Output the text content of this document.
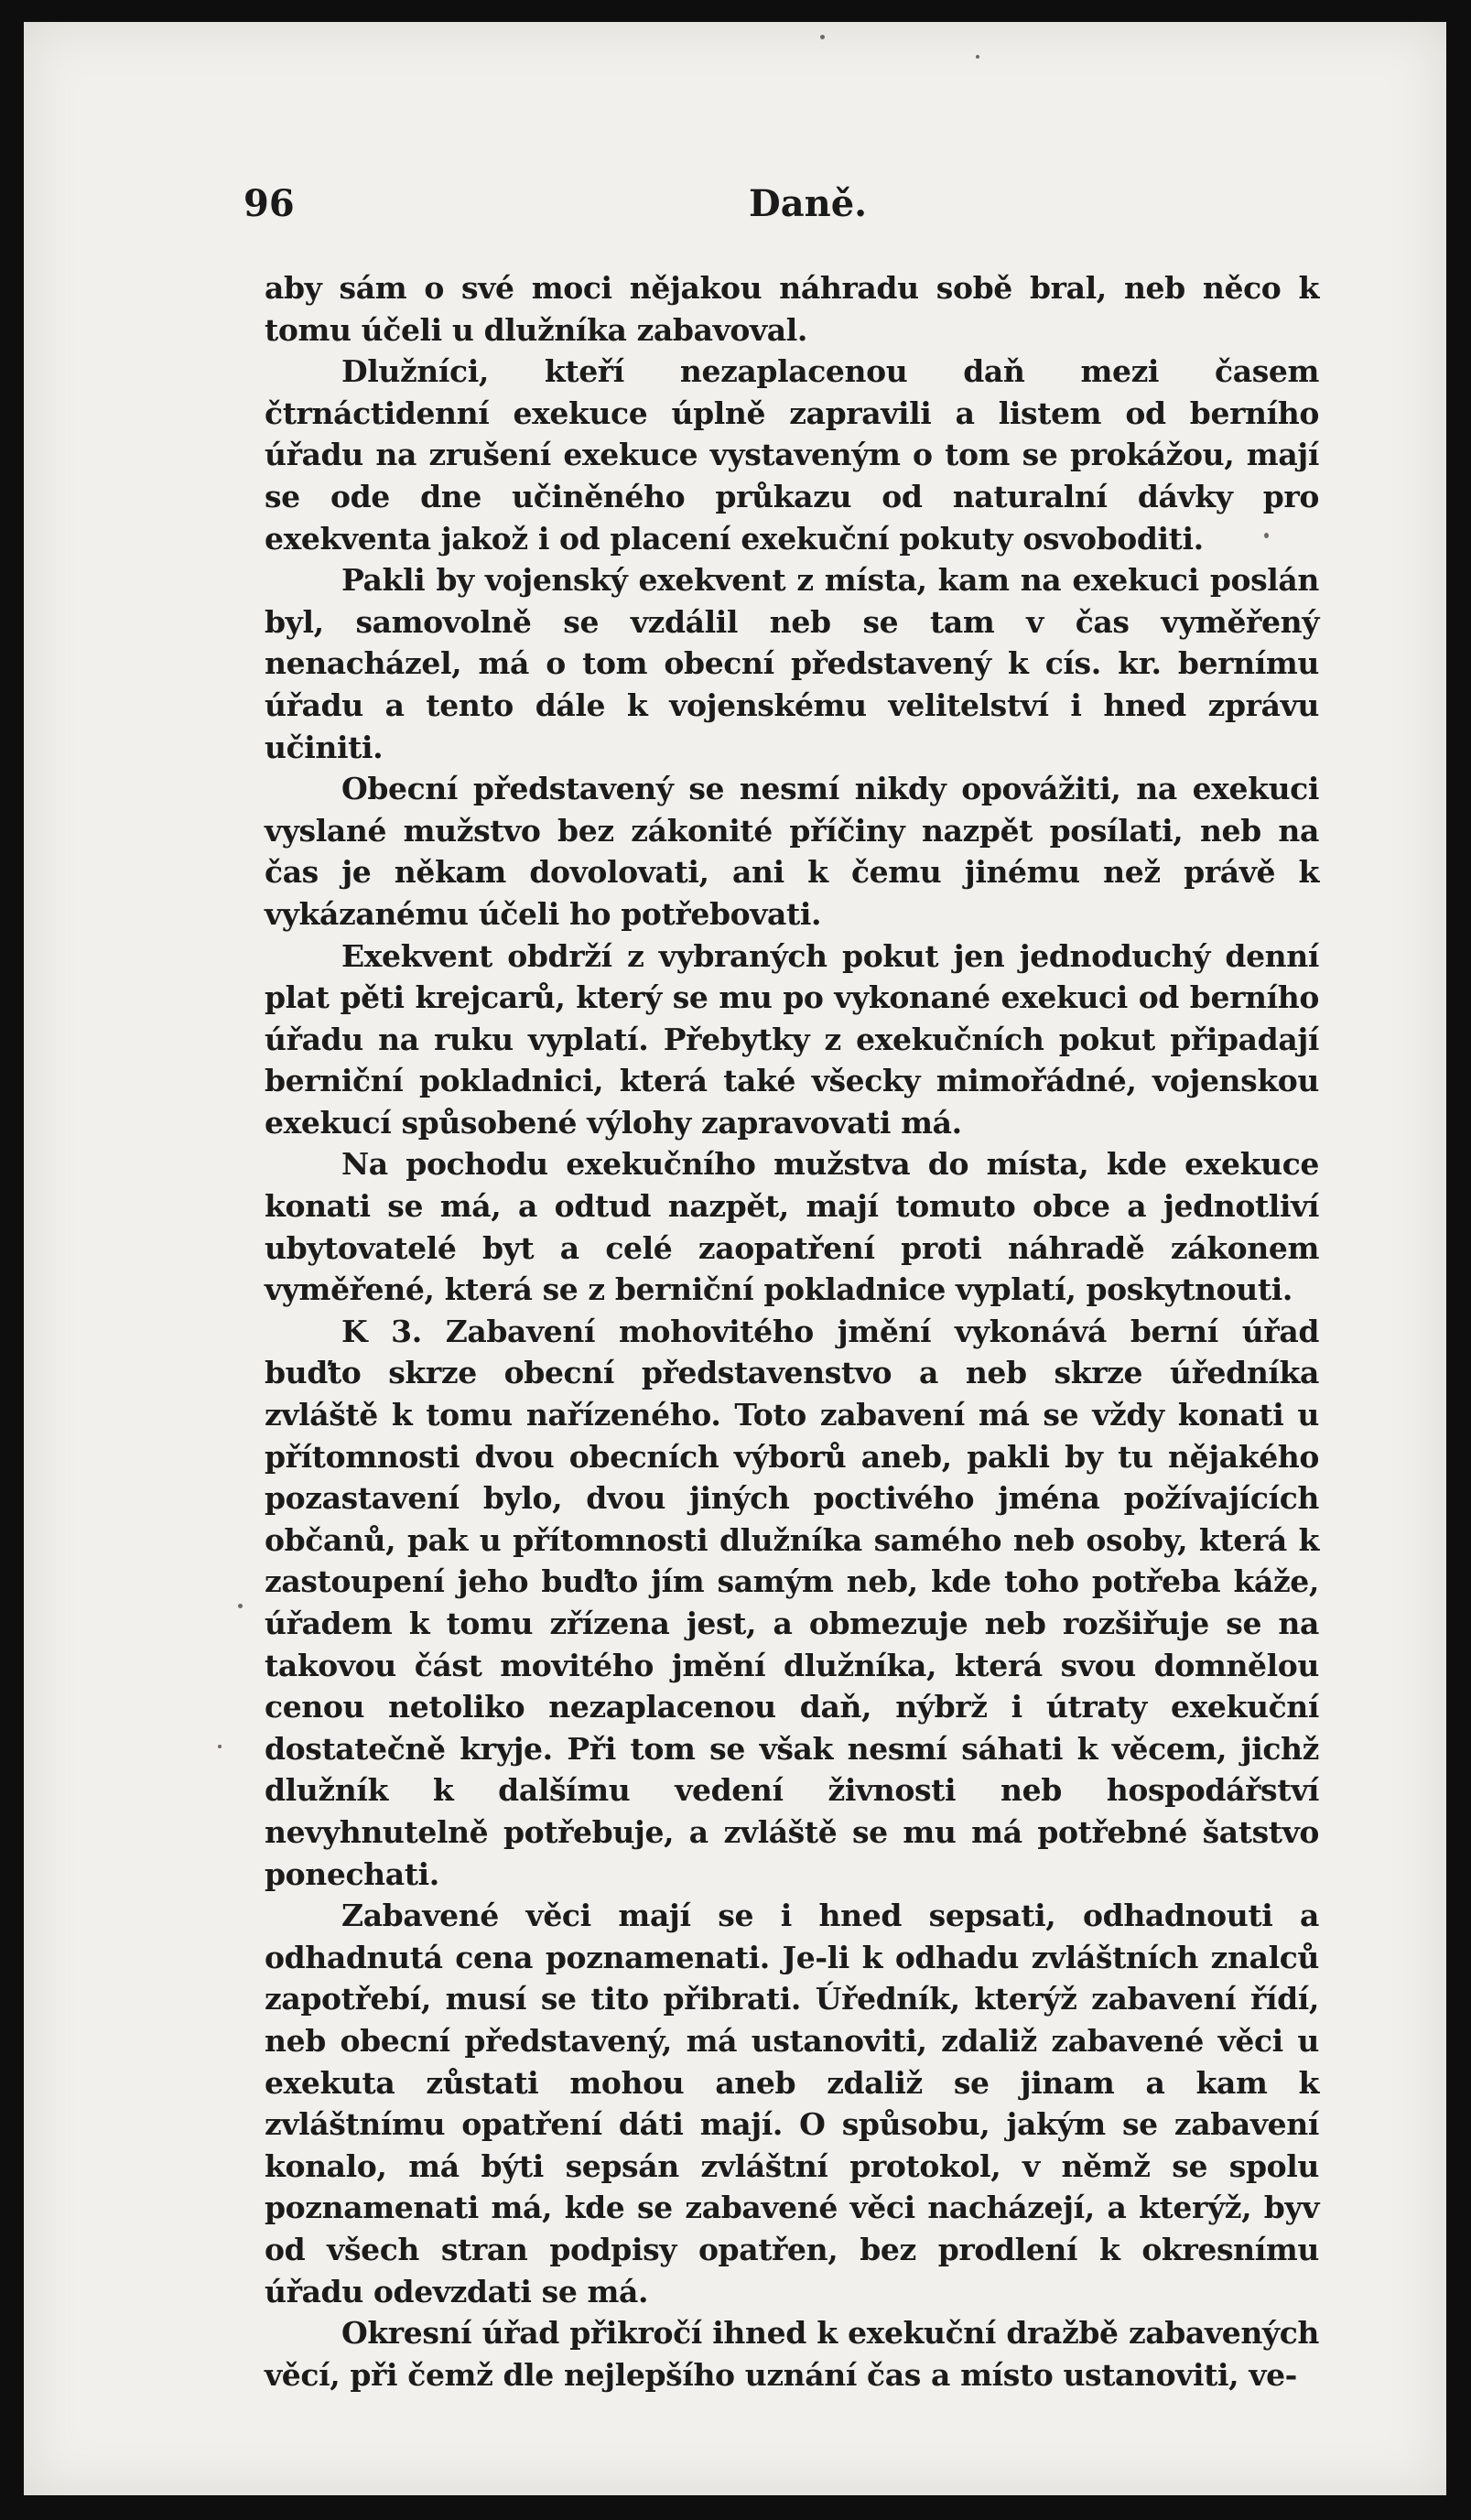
96	Daně.

aby sám o své moci nějakou náhradu sobě bral, neb něco k tomu účeli u dlužníka zabavoval.

Dlužníci, kteří nezaplacenou daň mezi časem čtrnáctidenní exekuce úplně zapravili a listem od berního úřadu na zrušení exekuce vystaveným o tom se prokážou, mají se ode dne učiněného průkazu od naturalní dávky pro exekventa jakož i od placení exekuční pokuty osvoboditi.

Pakli by vojenský exekvent z místa, kam na exekuci poslán byl, samovolně se vzdálil neb se tam v čas vyměřený nenacházel, má o tom obecní představený k cís. kr. bernímu úřadu a tento dále k vojenskému velitelství i hned zprávu učiniti.

Obecní představený se nesmí nikdy opovážiti, na exekuci vyslané mužstvo bez zákonité příčiny nazpět posílati, neb na čas je někam dovolovati, ani k čemu jinému než právě k vykázanému účeli ho potřebovati.

Exekvent obdrží z vybraných pokut jen jednoduchý denní plat pěti krejcarů, který se mu po vykonané exekuci od berního úřadu na ruku vyplatí. Přebytky z exekučních pokut připadají berniční pokladnici, která také všecky mimořádné, vojenskou exekucí spůsobené výlohy zapravovati má.

Na pochodu exekučního mužstva do místa, kde exekuce konati se má, a odtud nazpět, mají tomuto obce a jednotliví ubytovatelé byt a celé zaopatření proti náhradě zákonem vyměřené, která se z berniční pokladnice vyplatí, poskytnouti.

K 3. Zabavení mohovitého jmění vykonává berní úřad buďto skrze obecní představenstvo a neb skrze úředníka zvláště k tomu nařízeného. Toto zabavení má se vždy konati u přítomnosti dvou obecních výborů aneb, pakli by tu nějakého pozastavení bylo, dvou jiných poctivého jména požívajících občanů, pak u přítomnosti dlužníka samého neb osoby, která k zastoupení jeho buďto jím samým neb, kde toho potřeba káže, úřadem k tomu zřízena jest, a obmezuje neb rozšiřuje se na takovou část movitého jmění dlužníka, která svou domnělou cenou netoliko nezaplacenou daň, nýbrž i útraty exekuční dostatečně kryje. Při tom se však nesmí sáhati k věcem, jichž dlužník k dalšímu vedení živnosti neb hospodářství nevyhnutelně potřebuje, a zvláště se mu má potřebné šatstvo ponechati.

Zabavené věci mají se i hned sepsati, odhadnouti a odhadnutá cena poznamenati. Je-li k odhadu zvláštních znalců zapotřebí, musí se tito přibrati. Úředník, kterýž zabavení řídí, neb obecní představený, má ustanoviti, zdaliž zabavené věci u exekuta zůstati mohou aneb zdaliž se jinam a kam k zvláštnímu opatření dáti mají. O spůsobu, jakým se zabavení konalo, má býti sepsán zvláštní protokol, v němž se spolu poznamenati má, kde se zabavené věci nacházejí, a kterýž, byv od všech stran podpisy opatřen, bez prodlení k okresnímu úřadu odevzdati se má.

Okresní úřad přikročí ihned k exekuční dražbě zabavených věcí, při čemž dle nejlepšího uznání čas a místo ustanoviti, ve-
